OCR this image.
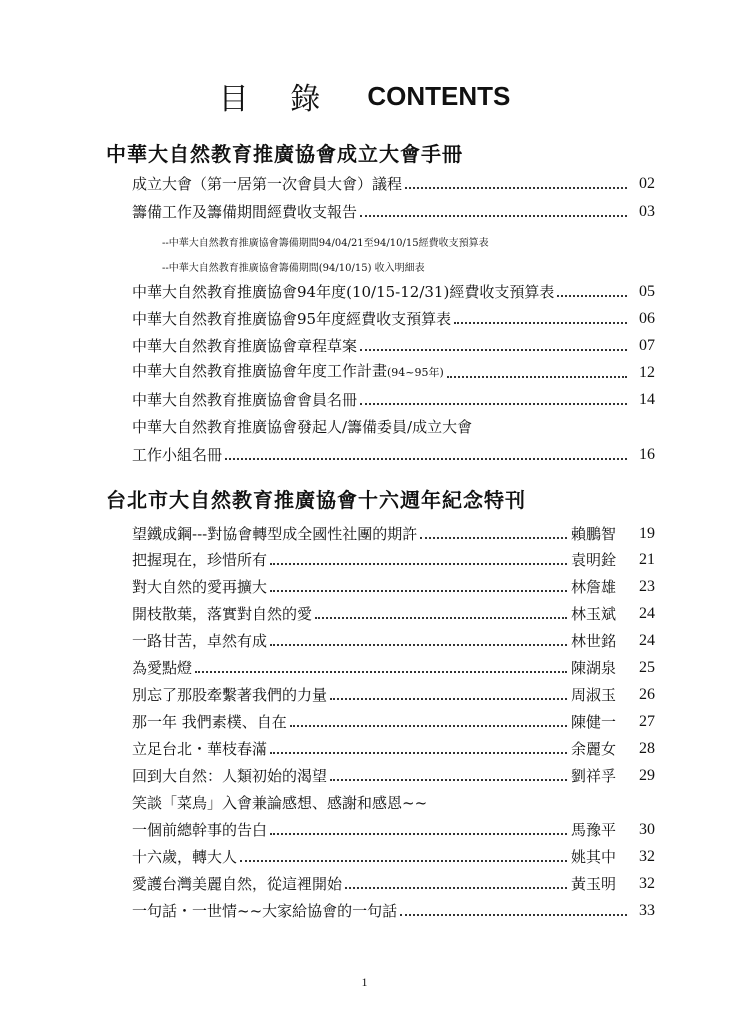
目 錄 CONTENTS
中華大自然教育推廣協會成立大會手冊
成立大會（第一居第一次會員大會）議程	02
籌備工作及籌備期間經費收支報告	03
--中華大自然教育推廣協會籌備期間94/04/21至94/10/15經費收支預算表
--中華大自然教育推廣協會籌備期間(94/10/15) 收入明細表
中華大自然教育推廣協會94年度(10/15-12/31)經費收支預算表	05
中華大自然教育推廣協會95年度經費收支預算表	06
中華大自然教育推廣協會章程草案	07
中華大自然教育推廣協會年度工作計畫(94~95年)	12
中華大自然教育推廣協會會員名冊	14
中華大自然教育推廣協會發起人/籌備委員/成立大會
工作小組名冊	16
台北市大自然教育推廣協會十六週年紀念特刊
望鐵成鋼---對協會轉型成全國性社團的期許	賴鵬智	19
把握現在，珍惜所有	袁明銓	21
對大自然的愛再擴大	林詹雄	23
開枝散葉，落實對自然的愛	林玉斌	24
一路甘苦，卓然有成	林世銘	24
為愛點燈	陳湖泉	25
別忘了那股牽繫著我們的力量	周淑玉	26
那一年 我們素樸、自在	陳健一	27
立足台北・華枝春滿	余麗女	28
回到大自然：人類初始的渴望	劉祥孚	29
笑談「菜鳥」入會兼論感想、感謝和感恩~~
一個前總幹事的告白	馬豫平	30
十六歲，轉大人	姚其中	32
愛護台灣美麗自然，從這裡開始	黃玉明	32
一句話・一世情~~大家給協會的一句話	33
1
